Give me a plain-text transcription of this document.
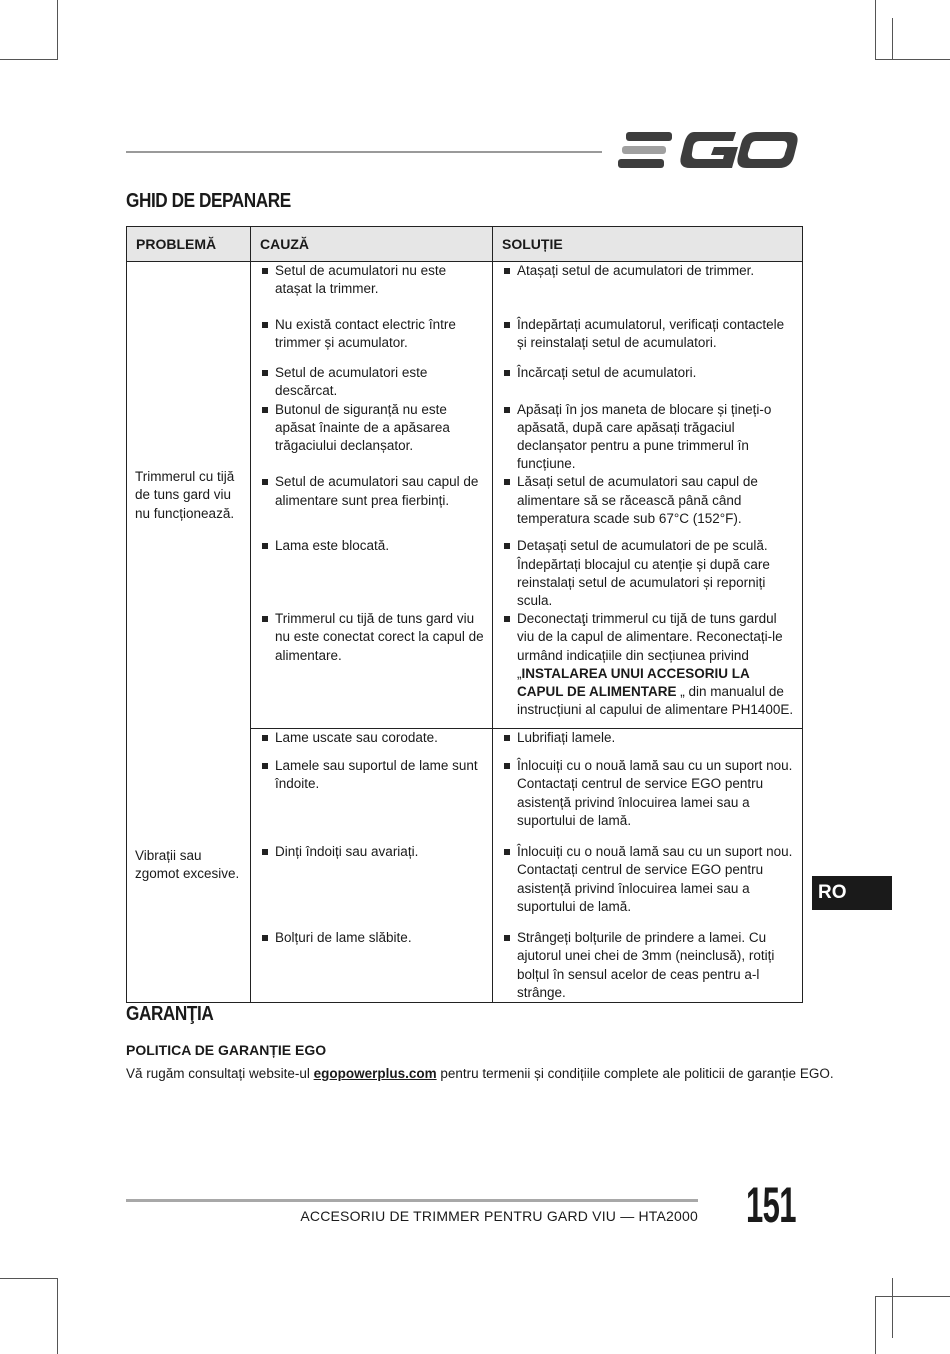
GHID DE DEPANARE
PROBLEMĂ	CAUZĂ	SOLUȚIE
Trimmerul cu tijă de tuns gard viu nu funcționează.	Setul de acumulatori nu este atașat la trimmer.	Atașați setul de acumulatori de trimmer.

	Nu există contact electric între trimmer și acumulator.	Îndepărtați acumulatorul, verificați contactele și reinstalați setul de acumulatori.

	Setul de acumulatori este descărcat.	Încărcați setul de acumulatori.

	Butonul de siguranță nu este apăsat înainte de a apăsarea trăgaciului declanșator.	Apăsați în jos maneta de blocare și țineți-o apăsată, după care apăsați trăgaciul declanșator pentru a pune trimmerul în funcțiune.

	Setul de acumulatori sau capul de alimentare sunt prea fierbinți.	Lăsați setul de acumulatori sau capul de alimentare să se răcească până când temperatura scade sub 67°C (152°F).

	Lama este blocată.	Detașați setul de acumulatori de pe sculă. Îndepărtați blocajul cu atenție și după care reinstalați setul de acumulatori și reporniți scula.

	Trimmerul cu tijă de tuns gard viu nu este conectat corect la capul de alimentare.	Deconectaţi trimmerul cu tijă de tuns gardul viu de la capul de alimentare. Reconectați-le urmând indicațiile din secțiunea privind „INSTALAREA UNUI ACCESORIU LA CAPUL DE ALIMENTARE „ din manualul de instrucțiuni al capului de alimentare PH1400E.

Vibrații sau zgomot excesive.	Lame uscate sau corodate.	Lubrifiați lamele.

	Lamele sau suportul de lame sunt îndoite.	Înlocuiți cu o nouă lamă sau cu un suport nou. Contactați centrul de service EGO pentru asistență privind înlocuirea lamei sau a suportului de lamă.

	Dinți îndoiți sau avariați.	Înlocuiți cu o nouă lamă sau cu un suport nou. Contactați centrul de service EGO pentru asistență privind înlocuirea lamei sau a suportului de lamă.

	Bolțuri de lame slăbite.	Strângeți bolțurile de prindere a lamei. Cu ajutorul unei chei de 3mm (neinclusă), rotiți bolțul în sensul acelor de ceas pentru a-l strânge.
RO
GARANŢIA
POLITICA DE GARANȚIE EGO
Vă rugăm consultați website-ul egopowerplus.com pentru termenii și condițiile complete ale politicii de garanție EGO.
ACCESORIU DE TRIMMER PENTRU GARD VIU — HTA2000 151
